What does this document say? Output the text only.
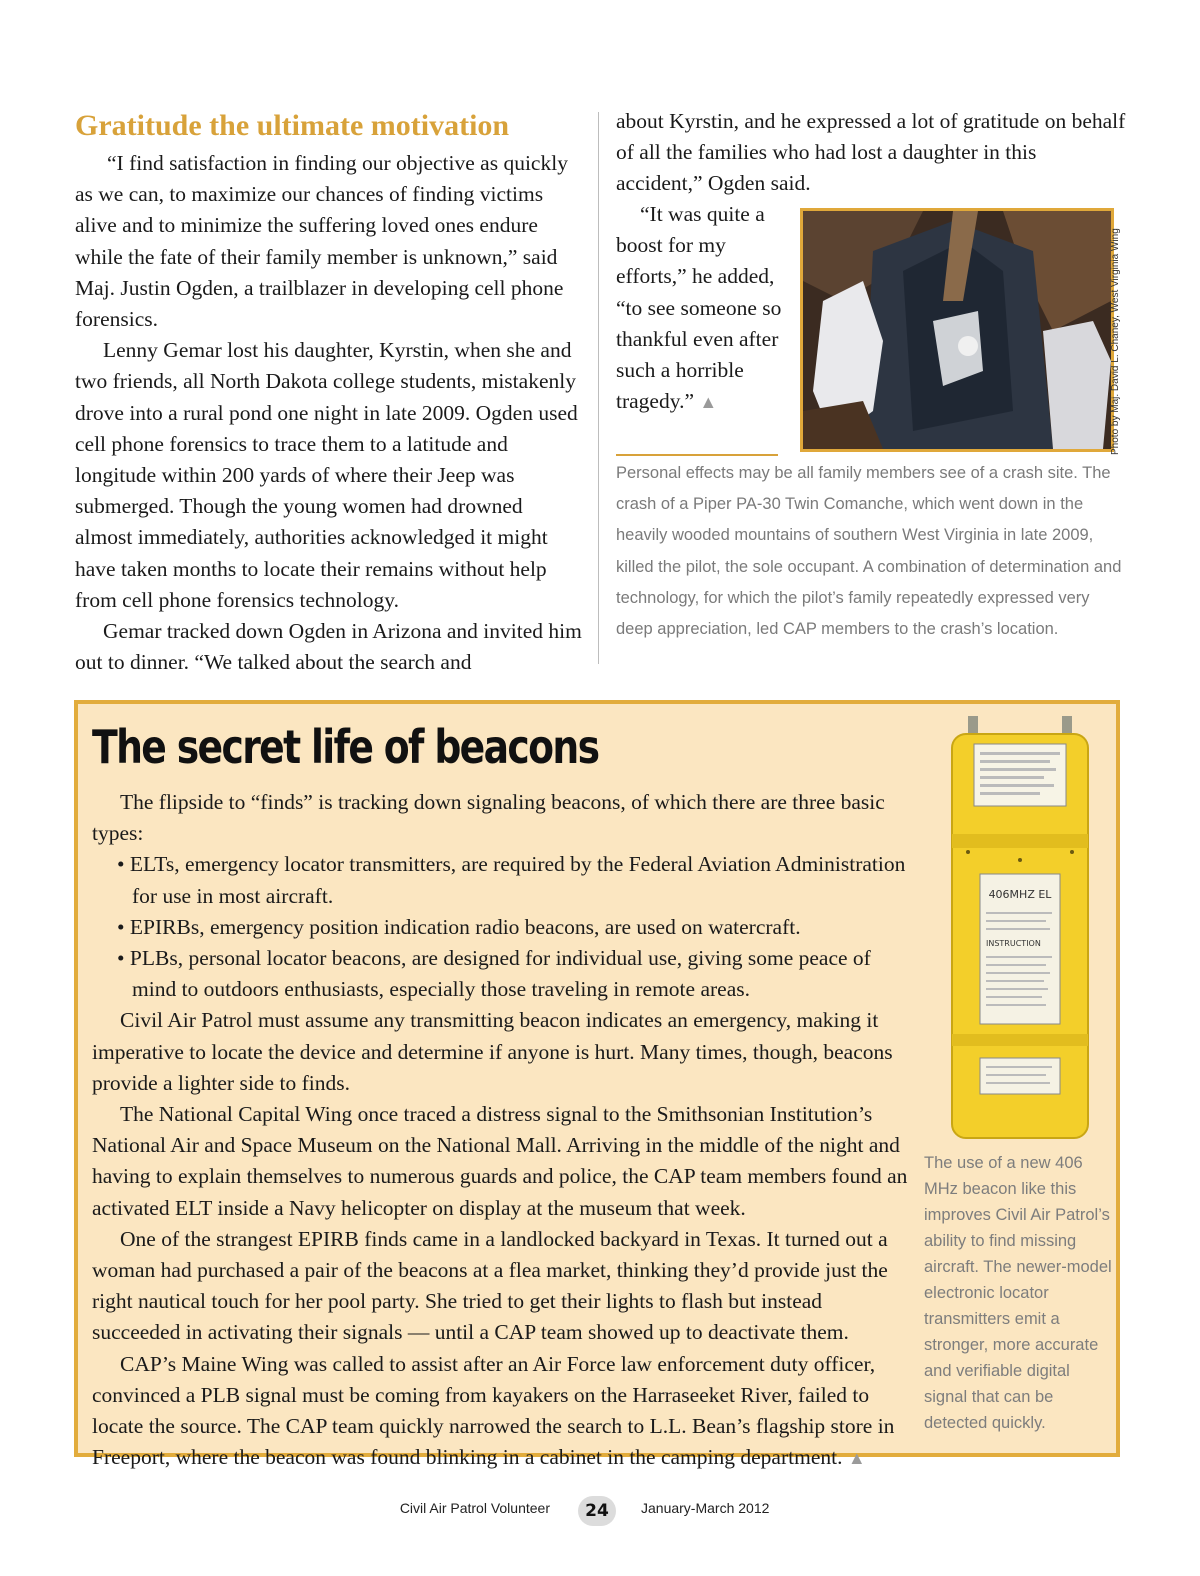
Gratitude the ultimate motivation

“I find satisfaction in finding our objective as quickly as we can, to maximize our chances of finding victims alive and to minimize the suffering loved ones endure while the fate of their family member is unknown,” said Maj. Justin Ogden, a trailblazer in developing cell phone forensics.

Lenny Gemar lost his daughter, Kyrstin, when she and two friends, all North Dakota college students, mistakenly drove into a rural pond one night in late 2009. Ogden used cell phone forensics to trace them to a latitude and longitude within 200 yards of where their Jeep was submerged. Though the young women had drowned almost immediately, authorities acknowledged it might have taken months to locate their remains without help from cell phone forensics technology.

Gemar tracked down Ogden in Arizona and invited him out to dinner. “We talked about the search and

about Kyrstin, and he expressed a lot of gratitude on behalf of all the families who had lost a daughter in this accident,” Ogden said.

“It was quite a boost for my efforts,” he added, “to see someone so thankful even after such a horrible tragedy.” ▲	Photo by Maj. David L. Chaney, West Virginia Wing

Personal effects may be all family members see of a crash site. The crash of a Piper PA-30 Twin Comanche, which went down in the heavily wooded mountains of southern West Virginia in late 2009, killed the pilot, the sole occupant. A combination of determination and technology, for which the pilot’s family repeatedly expressed very deep appreciation, led CAP members to the crash’s location.

The secret life of beacons

The flipside to “finds” is tracking down signaling beacons, of which there are three basic types:

• ELTs, emergency locator transmitters, are required by the Federal Aviation Administration for use in most aircraft.

• EPIRBs, emergency position indication radio beacons, are used on watercraft.

• PLBs, personal locator beacons, are designed for individual use, giving some peace of mind to outdoors enthusiasts, especially those traveling in remote areas.

Civil Air Patrol must assume any transmitting beacon indicates an emergency, making it imperative to locate the device and determine if anyone is hurt. Many times, though, beacons provide a lighter side to finds.

The National Capital Wing once traced a distress signal to the Smithsonian Institution’s National Air and Space Museum on the National Mall. Arriving in the middle of the night and having to explain themselves to numerous guards and police, the CAP team members found an activated ELT inside a Navy helicopter on display at the museum that week.

One of the strangest EPIRB finds came in a landlocked backyard in Texas. It turned out a woman had purchased a pair of the beacons at a flea market, thinking they’d provide just the right nautical touch for her pool party. She tried to get their lights to flash but instead succeeded in activating their signals — until a CAP team showed up to deactivate them.

CAP’s Maine Wing was called to assist after an Air Force law enforcement duty officer, convinced a PLB signal must be coming from kayakers on the Harraseeket River, failed to locate the source. The CAP team quickly narrowed the search to L.L. Bean’s flagship store in Freeport, where the beacon was found blinking in a cabinet in the camping department. ▲

406MHZ EL
INSTRUCTION

The use of a new 406 MHz beacon like this improves Civil Air Patrol’s ability to find missing aircraft. The newer-model electronic locator transmitters emit a stronger, more accurate and verifiable digital signal that can be detected quickly.

Civil Air Patrol Volunteer	24	January-March 2012
